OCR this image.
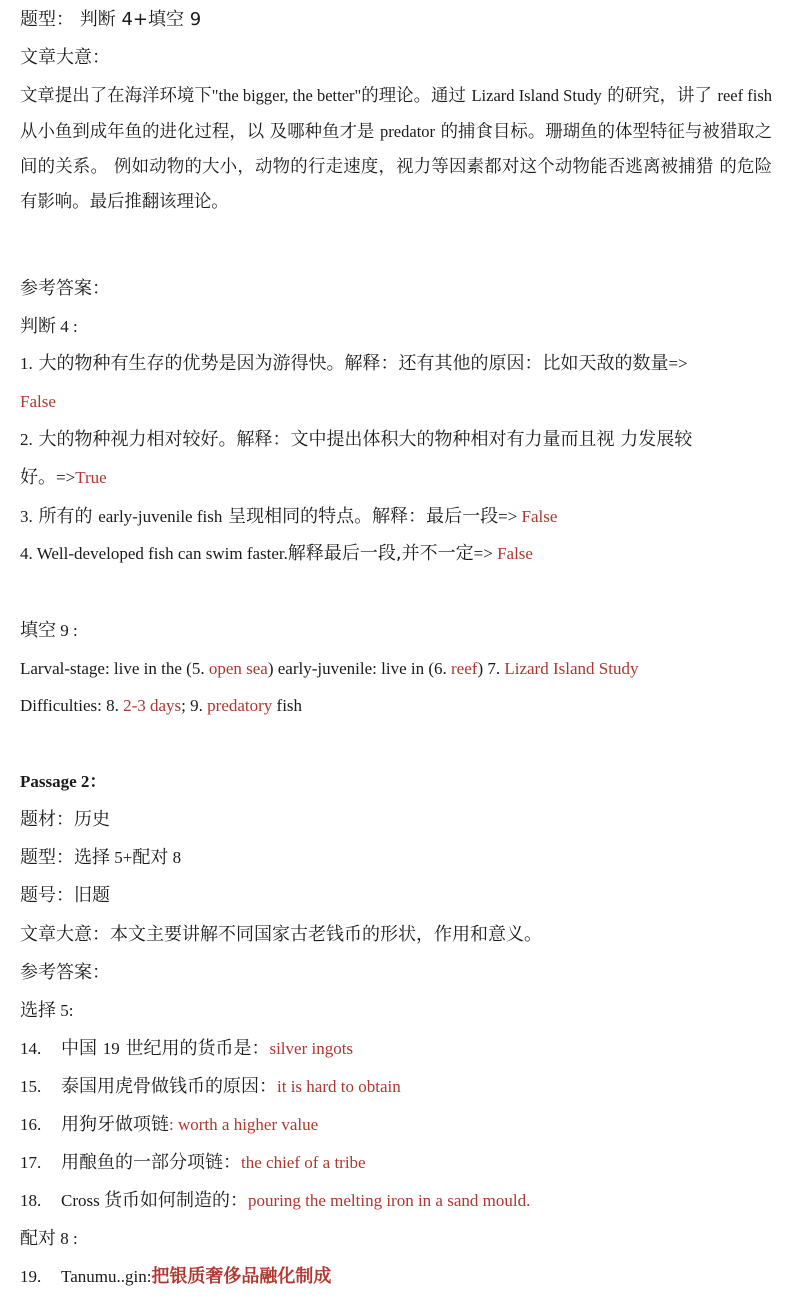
题型： 判断 4+填空 9
文章大意：
文章提出了在海洋环境下"the bigger, the better"的理论。通过 Lizard Island Study 的研究，讲了 reef fish 从小鱼到成年鱼的进化过程，以 及哪种鱼才是 predator 的捕食目标。珊瑚鱼的体型特征与被猎取之间的关系。 例如动物的大小，动物的行走速度，视力等因素都对这个动物能否逃离被捕猎 的危险有影响。最后推翻该理论。
参考答案：
判断 4 :
1. 大的物种有生存的优势是因为游得快。解释：还有其他的原因：比如天敌的数量=>
False
2. 大的物种视力相对较好。解释：文中提出体积大的物种相对有力量而且视 力发展较
好。=>True
3. 所有的 early-juvenile fish 呈现相同的特点。解释：最后一段=> False
4. Well-developed fish can swim faster.解释最后一段,并不一定=> False
填空 9 :
Larval-stage: live in the (5. open sea) early-juvenile: live in (6. reef) 7. Lizard Island Study
Difficulties: 8. 2-3 days; 9. predatory fish
Passage 2：
题材：历史
题型：选择 5+配对 8
题号：旧题
文章大意：本文主要讲解不同国家古老钱币的形状，作用和意义。
参考答案：
选择 5:
14. 中国 19 世纪用的货币是：silver ingots
15. 泰国用虎骨做钱币的原因：it is hard to obtain
16. 用狗牙做项链: worth a higher value
17. 用酿鱼的一部分项链：the chief of a tribe
18. Cross 货币如何制造的：pouring the melting iron in a sand mould.
配对 8 :
19. Tanumu..gin:把银质奢侈品融化制成
